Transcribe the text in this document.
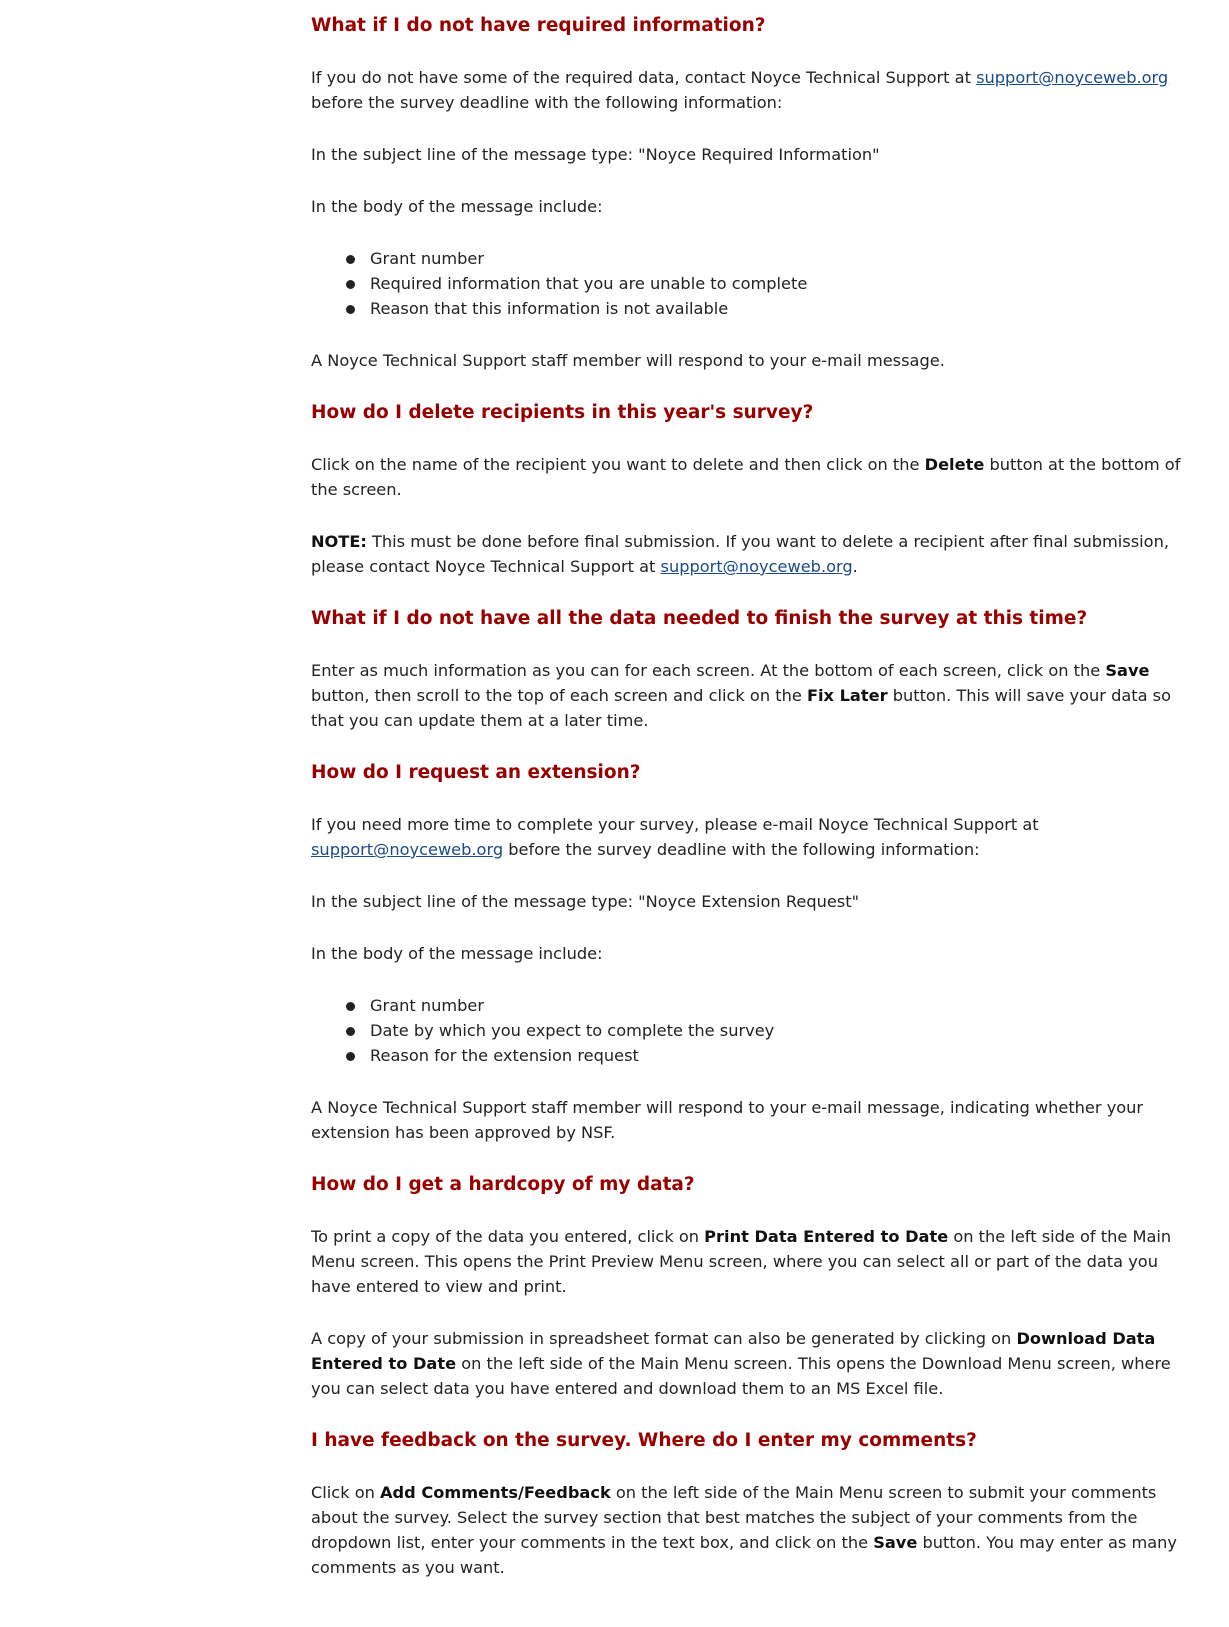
What if I do not have required information?

If you do not have some of the required data, contact Noyce Technical Support at support@noyceweb.org before the survey deadline with the following information:

In the subject line of the message type: "Noyce Required Information"

In the body of the message include:

Grant number
Required information that you are unable to complete
Reason that this information is not available

A Noyce Technical Support staff member will respond to your e-mail message.

How do I delete recipients in this year's survey?

Click on the name of the recipient you want to delete and then click on the Delete button at the bottom of the screen.

NOTE: This must be done before final submission. If you want to delete a recipient after final submission, please contact Noyce Technical Support at support@noyceweb.org.

What if I do not have all the data needed to finish the survey at this time?

Enter as much information as you can for each screen. At the bottom of each screen, click on the Save button, then scroll to the top of each screen and click on the Fix Later button. This will save your data so that you can update them at a later time.

How do I request an extension?

If you need more time to complete your survey, please e-mail Noyce Technical Support at support@noyceweb.org before the survey deadline with the following information:

In the subject line of the message type: "Noyce Extension Request"

In the body of the message include:

Grant number
Date by which you expect to complete the survey
Reason for the extension request

A Noyce Technical Support staff member will respond to your e-mail message, indicating whether your extension has been approved by NSF.

How do I get a hardcopy of my data?

To print a copy of the data you entered, click on Print Data Entered to Date on the left side of the Main Menu screen. This opens the Print Preview Menu screen, where you can select all or part of the data you have entered to view and print.

A copy of your submission in spreadsheet format can also be generated by clicking on Download Data Entered to Date on the left side of the Main Menu screen. This opens the Download Menu screen, where you can select data you have entered and download them to an MS Excel file.

I have feedback on the survey. Where do I enter my comments?

Click on Add Comments/Feedback on the left side of the Main Menu screen to submit your comments about the survey. Select the survey section that best matches the subject of your comments from the dropdown list, enter your comments in the text box, and click on the Save button. You may enter as many comments as you want.
